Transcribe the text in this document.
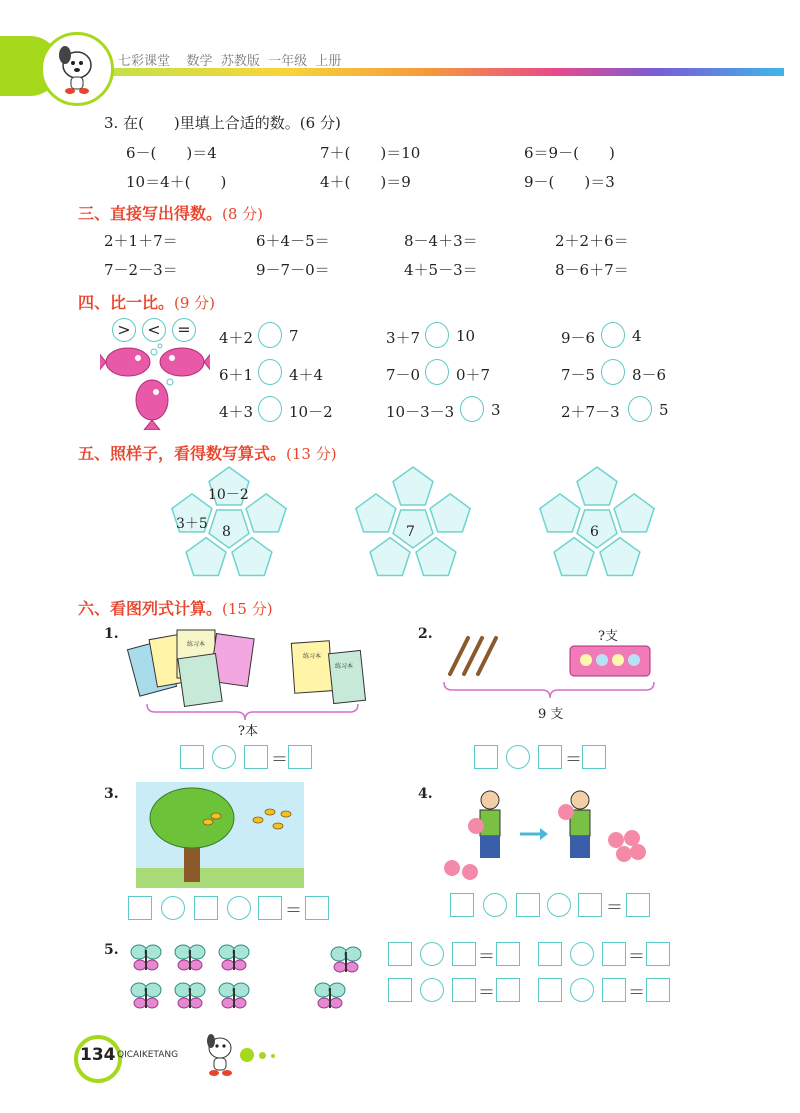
七彩课堂 数学 苏教版 一年级 上册
3. 在(　　)里填上合适的数。(6 分)
6－(　　)＝4	7＋(　　)＝10	6＝9－(　　)
10＝4＋(　　)	4＋(　　)＝9	9－(　　)＝3
三、直接写出得数。(8 分)
2＋1＋7＝	6＋4－5＝	8－4＋3＝	2＋2＋6＝
7－2－3＝	9－7－0＝	4＋5－3＝	8－6＋7＝
四、比一比。(9 分)
>	<	=	4＋2 7	3＋7 10	9－6 4
6＋1 4＋4	7－0 0＋7	7－5 8－6
4＋3 10－2	10－3－3 3	2＋7－3	5
五、照样子，看得数写算式。(13 分)
10－2
3＋5 8	7	6
六、看图列式计算。(15 分)
1.
练习本
练习本
练习本
?本
2.	?支
9 支
＝	＝
3.	4.
＝	＝
5.	＝	＝
＝	＝
134 QICAIKETANG
